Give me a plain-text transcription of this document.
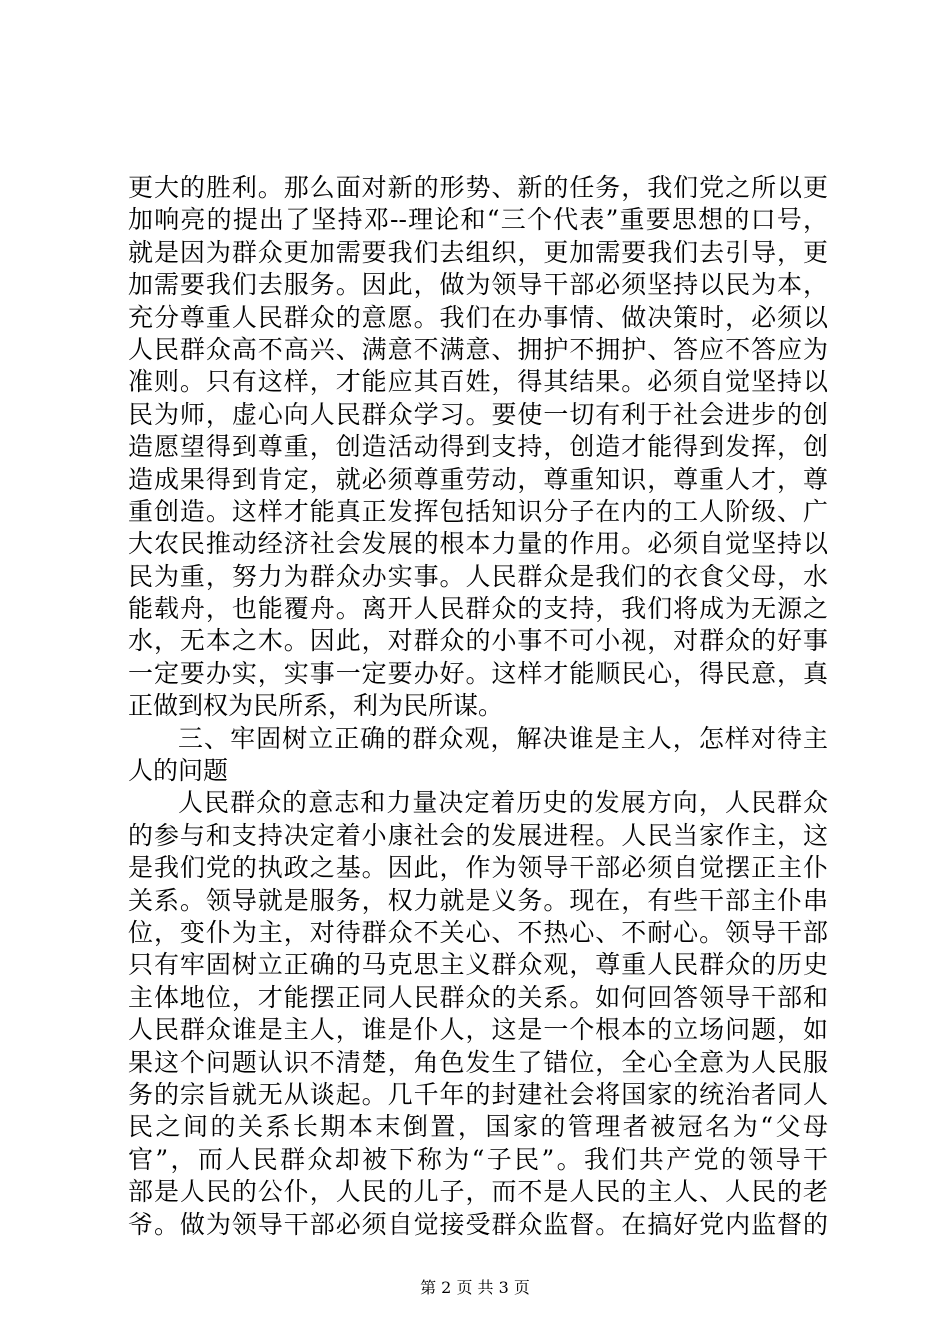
更大的胜利。那么面对新的形势、新的任务，我们党之所以更
加响亮的提出了坚持邓--理论和“三个代表”重要思想的口号，
就是因为群众更加需要我们去组织，更加需要我们去引导，更
加需要我们去服务。因此，做为领导干部必须坚持以民为本，
充分尊重人民群众的意愿。我们在办事情、做决策时，必须以
人民群众高不高兴、满意不满意、拥护不拥护、答应不答应为
准则。只有这样，才能应其百姓，得其结果。必须自觉坚持以
民为师，虚心向人民群众学习。要使一切有利于社会进步的创
造愿望得到尊重，创造活动得到支持，创造才能得到发挥，创
造成果得到肯定，就必须尊重劳动，尊重知识，尊重人才，尊
重创造。这样才能真正发挥包括知识分子在内的工人阶级、广
大农民推动经济社会发展的根本力量的作用。必须自觉坚持以
民为重，努力为群众办实事。人民群众是我们的衣食父母，水
能载舟，也能覆舟。离开人民群众的支持，我们将成为无源之
水，无本之木。因此，对群众的小事不可小视，对群众的好事
一定要办实，实事一定要办好。这样才能顺民心，得民意，真
正做到权为民所系，利为民所谋。
三、牢固树立正确的群众观，解决谁是主人，怎样对待主
人的问题
人民群众的意志和力量决定着历史的发展方向，人民群众
的参与和支持决定着小康社会的发展进程。人民当家作主，这
是我们党的执政之基。因此，作为领导干部必须自觉摆正主仆
关系。领导就是服务，权力就是义务。现在，有些干部主仆串
位，变仆为主，对待群众不关心、不热心、不耐心。领导干部
只有牢固树立正确的马克思主义群众观，尊重人民群众的历史
主体地位，才能摆正同人民群众的关系。如何回答领导干部和
人民群众谁是主人，谁是仆人，这是一个根本的立场问题，如
果这个问题认识不清楚，角色发生了错位，全心全意为人民服
务的宗旨就无从谈起。几千年的封建社会将国家的统治者同人
民之间的关系长期本末倒置，国家的管理者被冠名为“父母
官”，而人民群众却被下称为“子民”。我们共产党的领导干
部是人民的公仆，人民的儿子，而不是人民的主人、人民的老
爷。做为领导干部必须自觉接受群众监督。在搞好党内监督的
第 2 页 共 3 页
